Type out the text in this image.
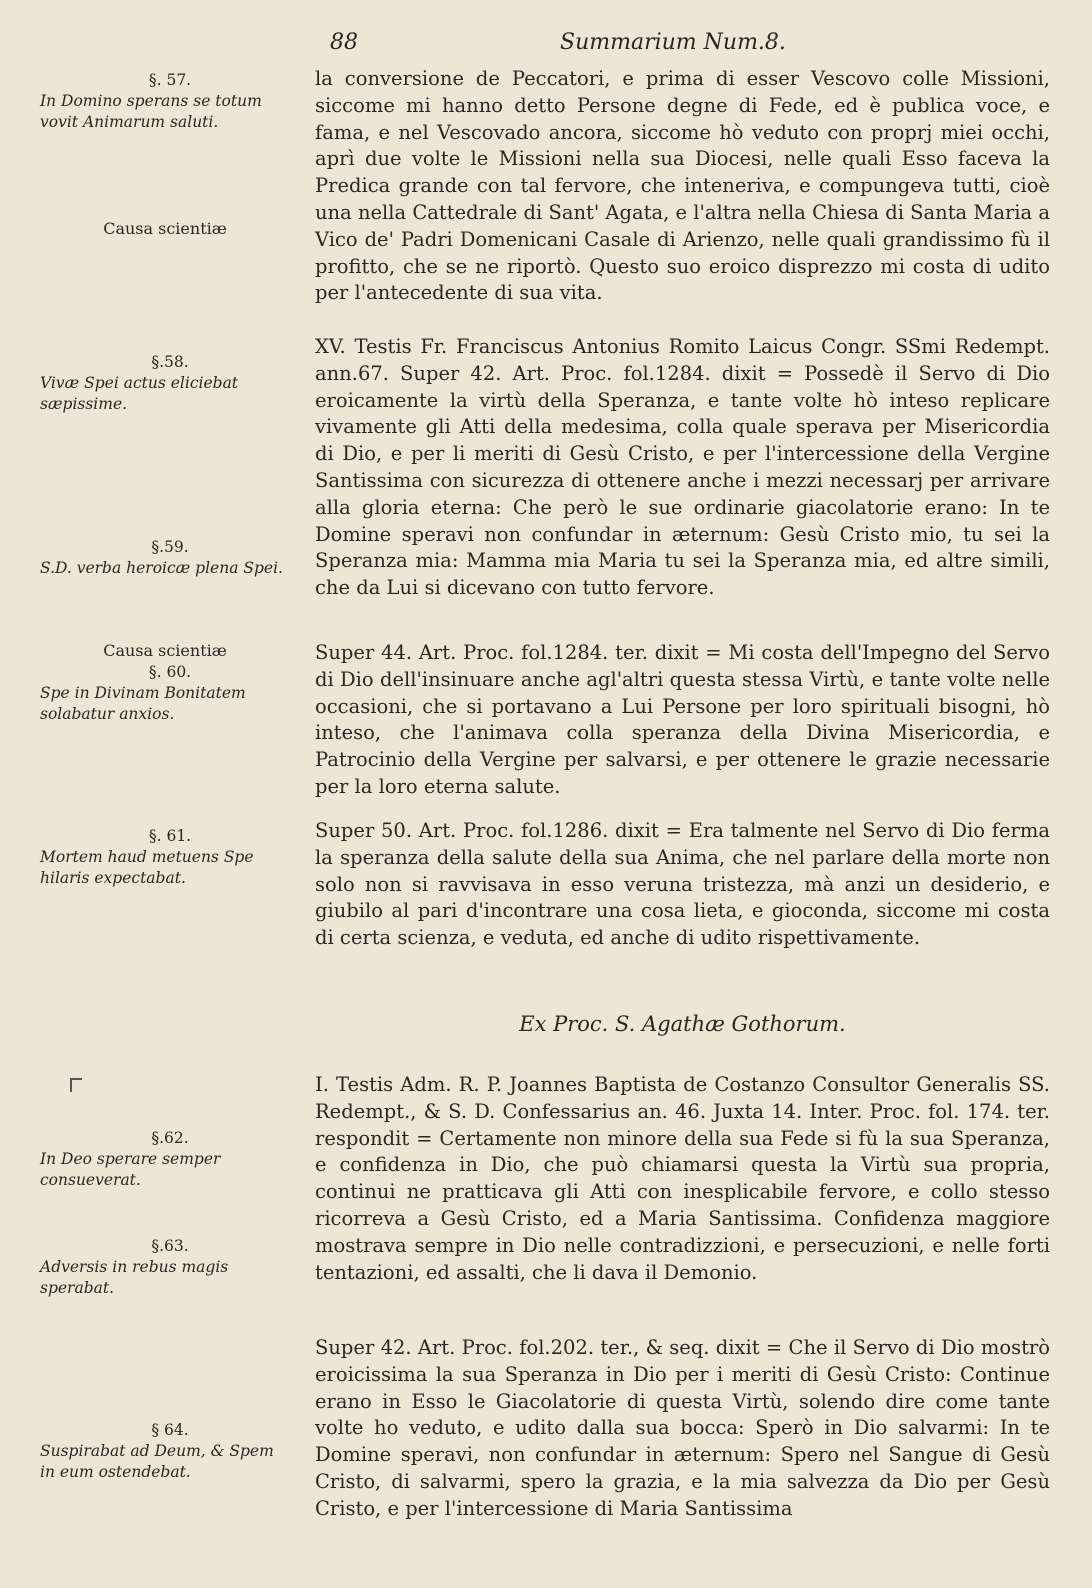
88	Summarium Num.8.
§. 57.
In Domino sperans se totum vovit Animarum saluti.
Causa scientiæ
§.58.
Vivæ Spei actus eliciebat sæpissime.
§.59.
S.D. verba heroicæ plena Spei.
Causa scientiæ
§. 60.
Spe in Divinam Bonitatem solabatur anxios.
§. 61.
Mortem haud metuens Spe hilaris expectabat.
§.62.
In Deo sperare semper consueverat.
§.63.
Adversis in rebus magis sperabat.
§ 64.
Suspirabat ad Deum, & Spem in eum ostendebat.
la conversione de Peccatori, e prima di esser Vescovo colle Missioni, siccome mi hanno detto Persone degne di Fede, ed è publica voce, e fama, e nel Vescovado ancora, siccome hò veduto con proprj miei occhi, aprì due volte le Missioni nella sua Diocesi, nelle quali Esso faceva la Predica grande con tal fervore, che inteneriva, e compungeva tutti, cioè una nella Cattedrale di Sant' Agata, e l'altra nella Chiesa di Santa Maria a Vico de' Padri Domenicani Casale di Arienzo, nelle quali grandissimo fù il profitto, che se ne riportò. Questo suo eroico disprezzo mi costa di udito per l'antecedente di sua vita.
XV. Testis Fr. Franciscus Antonius Romito Laicus Congr. SSmi Redempt. ann.67. Super 42. Art. Proc. fol.1284. dixit = Possedè il Servo di Dio eroicamente la virtù della Speranza, e tante volte hò inteso replicare vivamente gli Atti della medesima, colla quale sperava per Misericordia di Dio, e per li meriti di Gesù Cristo, e per l'intercessione della Vergine Santissima con sicurezza di ottenere anche i mezzi necessarj per arrivare alla gloria eterna: Che però le sue ordinarie giacolatorie erano: In te Domine speravi non confundar in æternum: Gesù Cristo mio, tu sei la Speranza mia: Mamma mia Maria tu sei la Speranza mia, ed altre simili, che da Lui si dicevano con tutto fervore.
Super 44. Art. Proc. fol.1284. ter. dixit = Mi costa dell'Impegno del Servo di Dio dell'insinuare anche agl'altri questa stessa Virtù, e tante volte nelle occasioni, che si portavano a Lui Persone per loro spirituali bisogni, hò inteso, che l'animava colla speranza della Divina Misericordia, e Patrocinio della Vergine per salvarsi, e per ottenere le grazie necessarie per la loro eterna salute.
Super 50. Art. Proc. fol.1286. dixit = Era talmente nel Servo di Dio ferma la speranza della salute della sua Anima, che nel parlare della morte non solo non si ravvisava in esso veruna tristezza, mà anzi un desiderio, e giubilo al pari d'incontrare una cosa lieta, e gioconda, siccome mi costa di certa scienza, e veduta, ed anche di udito rispettivamente.
Ex Proc. S. Agathæ Gothorum.
I. Testis Adm. R. P. Joannes Baptista de Costanzo Consultor Generalis SS. Redempt., & S. D. Confessarius an. 46. Juxta 14. Inter. Proc. fol. 174. ter. respondit = Certamente non minore della sua Fede si fù la sua Speranza, e confidenza in Dio, che può chiamarsi questa la Virtù sua propria, continui ne pratticava gli Atti con inesplicabile fervore, e collo stesso ricorreva a Gesù Cristo, ed a Maria Santissima. Confidenza maggiore mostrava sempre in Dio nelle contradizzioni, e persecuzioni, e nelle forti tentazioni, ed assalti, che li dava il Demonio.
Super 42. Art. Proc. fol.202. ter., & seq. dixit = Che il Servo di Dio mostrò eroicissima la sua Speranza in Dio per i meriti di Gesù Cristo: Continue erano in Esso le Giacolatorie di questa Virtù, solendo dire come tante volte ho veduto, e udito dalla sua bocca: Sperò in Dio salvarmi: In te Domine speravi, non confundar in æternum: Spero nel Sangue di Gesù Cristo, di salvarmi, spero la grazia, e la mia salvezza da Dio per Gesù Cristo, e per l'intercessione di Maria Santissima
